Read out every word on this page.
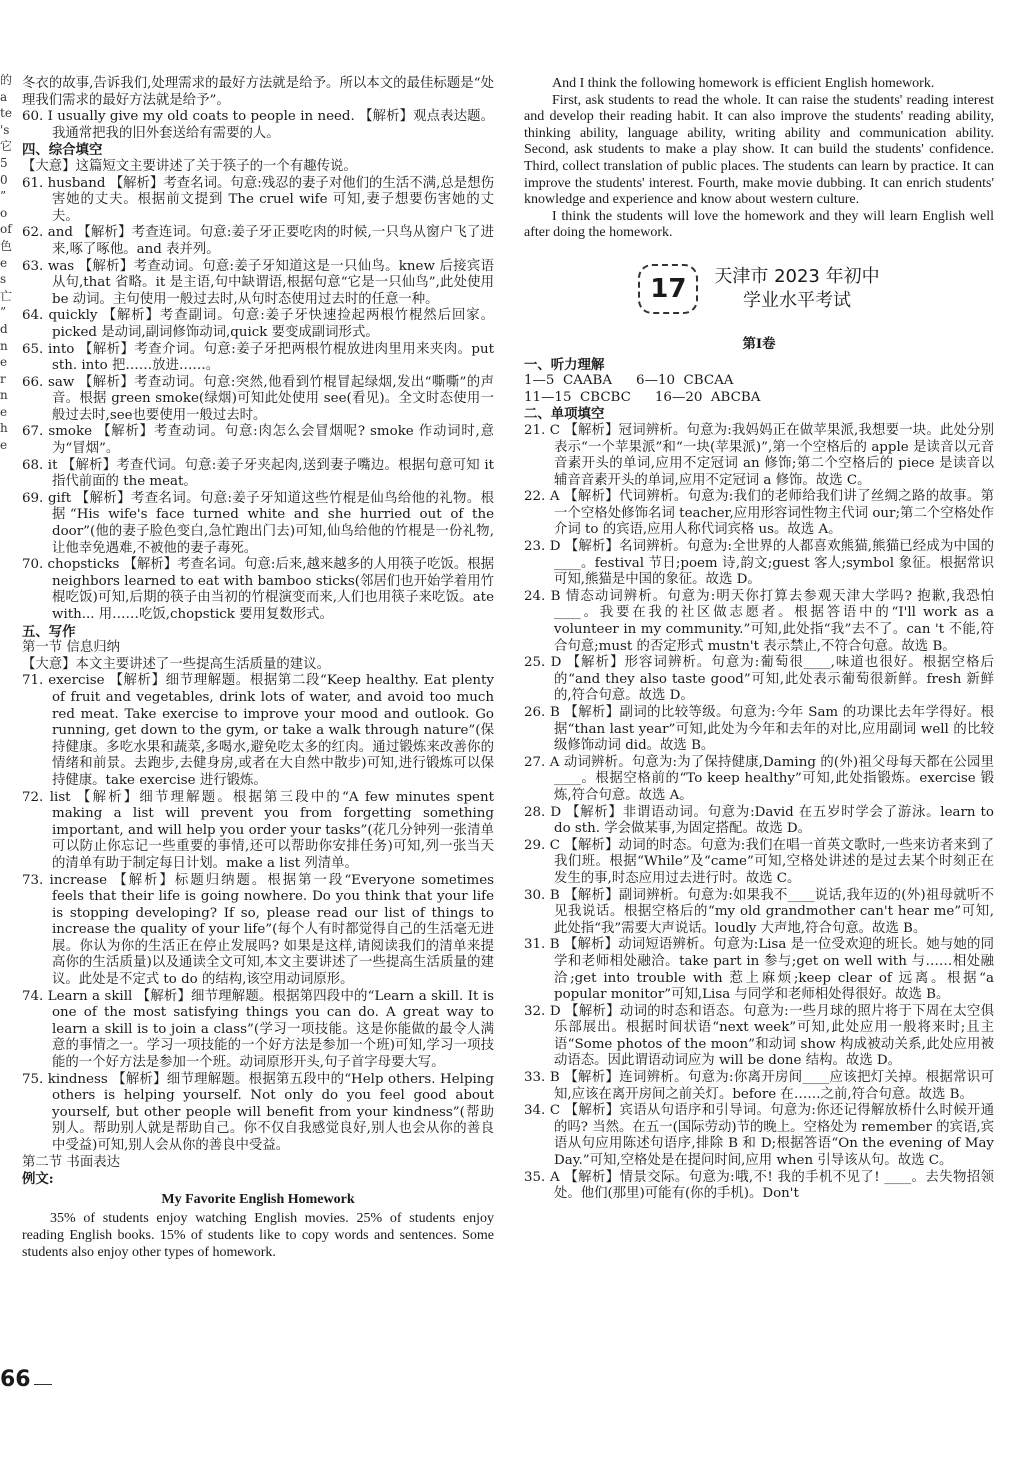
的
a
te
's
它
5
0
”
o
of
色
e
s
亡
”
d
n
e
r
n
e
h
e

冬衣的故事,告诉我们,处理需求的最好方法就是给予。所以本文的最佳标题是“处理我们需求的最好方法就是给予”。

60. I usually give my old coats to people in need. 【解析】观点表达题。我通常把我的旧外套送给有需要的人。

四、综合填空

【大意】这篇短文主要讲述了关于筷子的一个有趣传说。

61. husband 【解析】考查名词。句意:残忍的妻子对他们的生活不满,总是想伤害她的丈夫。根据前文提到 The cruel wife 可知,妻子想要伤害她的丈夫。

62. and 【解析】考查连词。句意:姜子牙正要吃肉的时候,一只鸟从窗户飞了进来,啄了啄他。and 表并列。

63. was 【解析】考查动词。句意:姜子牙知道这是一只仙鸟。knew 后接宾语从句,that 省略。it 是主语,句中缺谓语,根据句意“它是一只仙鸟”,此处使用 be 动词。主句使用一般过去时,从句时态使用过去时的任意一种。

64. quickly 【解析】考查副词。句意:姜子牙快速捡起两根竹棍然后回家。picked 是动词,副词修饰动词,quick 要变成副词形式。

65. into 【解析】考查介词。句意:姜子牙把两根竹棍放进肉里用来夹肉。put sth. into 把……放进……。

66. saw 【解析】考查动词。句意:突然,他看到竹棍冒起绿烟,发出“嘶嘶”的声音。根据 green smoke(绿烟)可知此处使用 see(看见)。全文时态使用一般过去时,see也要使用一般过去时。

67. smoke 【解析】考查动词。句意:肉怎么会冒烟呢? smoke 作动词时,意为“冒烟”。

68. it 【解析】考查代词。句意:姜子牙夹起肉,送到妻子嘴边。根据句意可知 it 指代前面的 the meat。

69. gift 【解析】考查名词。句意:姜子牙知道这些竹棍是仙鸟给他的礼物。根据“His wife's face turned white and she hurried out of the door”(他的妻子脸色变白,急忙跑出门去)可知,仙鸟给他的竹棍是一份礼物,让他幸免遇难,不被他的妻子毒死。

70. chopsticks 【解析】考查名词。句意:后来,越来越多的人用筷子吃饭。根据 neighbors learned to eat with bamboo sticks(邻居们也开始学着用竹棍吃饭)可知,后期的筷子由当初的竹棍演变而来,人们也用筷子来吃饭。ate with... 用……吃饭,chopstick 要用复数形式。

五、写作

第一节 信息归纳

【大意】本文主要讲述了一些提高生活质量的建议。

71. exercise 【解析】细节理解题。根据第二段“Keep healthy. Eat plenty of fruit and vegetables, drink lots of water, and avoid too much red meat. Take exercise to improve your mood and outlook. Go running, get down to the gym, or take a walk through nature”(保持健康。多吃水果和蔬菜,多喝水,避免吃太多的红肉。通过锻炼来改善你的情绪和前景。去跑步,去健身房,或者在大自然中散步)可知,进行锻炼可以保持健康。take exercise 进行锻炼。

72. list 【解析】细节理解题。根据第三段中的“A few minutes spent making a list will prevent you from forgetting something important, and will help you order your tasks”(花几分钟列一张清单可以防止你忘记一些重要的事情,还可以帮助你安排任务)可知,列一张当天的清单有助于制定每日计划。make a list 列清单。

73. increase 【解析】标题归纳题。根据第一段“Everyone sometimes feels that their life is going nowhere. Do you think that your life is stopping developing? If so, please read our list of things to increase the quality of your life”(每个人有时都觉得自己的生活毫无进展。你认为你的生活正在停止发展吗? 如果是这样,请阅读我们的清单来提高你的生活质量)以及通读全文可知,本文主要讲述了一些提高生活质量的建议。此处是不定式 to do 的结构,该空用动词原形。

74. Learn a skill 【解析】细节理解题。根据第四段中的“Learn a skill. It is one of the most satisfying things you can do. A great way to learn a skill is to join a class”(学习一项技能。这是你能做的最令人满意的事情之一。学习一项技能的一个好方法是参加一个班)可知,学习一项技能的一个好方法是参加一个班。动词原形开头,句子首字母要大写。

75. kindness 【解析】细节理解题。根据第五段中的“Help others. Helping others is helping yourself. Not only do you feel good about yourself, but other people will benefit from your kindness”(帮助别人。帮助别人就是帮助自己。你不仅自我感觉良好,别人也会从你的善良中受益)可知,别人会从你的善良中受益。

第二节 书面表达

例文:

My Favorite English Homework

35% of students enjoy watching English movies. 25% of students enjoy reading English books. 15% of students like to copy words and sentences. Some students also enjoy other types of homework.

And I think the following homework is efficient English homework.

First, ask students to read the whole. It can raise the students' reading interest and develop their reading habit. It can also improve the students' reading ability, thinking ability, language ability, writing ability and communication ability. Second, ask students to make a play show. It can build the students' confidence. Third, collect translation of public places. The students can learn by practice. It can improve the students' interest. Fourth, make movie dubbing. It can enrich students' knowledge and experience and know about western culture.

I think the students will love the homework and they will learn English well after doing the homework.

17	天津市 2023 年初中
学业水平考试
第Ⅰ卷

一、听力理解

1—5  CAABA 6—10  CBCAA
11—15  CBCBC 16—20  ABCBA

二、单项填空

21. C 【解析】冠词辨析。句意为:我妈妈正在做苹果派,我想要一块。此处分别表示“一个苹果派”和“一块(苹果派)”,第一个空格后的 apple 是读音以元音音素开头的单词,应用不定冠词 an 修饰;第二个空格后的 piece 是读音以辅音音素开头的单词,应用不定冠词 a 修饰。故选 C。

22. A 【解析】代词辨析。句意为:我们的老师给我们讲了丝绸之路的故事。第一个空格处修饰名词 teacher,应用形容词性物主代词 our;第二个空格处作介词 to 的宾语,应用人称代词宾格 us。故选 A。

23. D 【解析】名词辨析。句意为:全世界的人都喜欢熊猫,熊猫已经成为中国的____。festival 节日;poem 诗,韵文;guest 客人;symbol 象征。根据常识可知,熊猫是中国的象征。故选 D。

24. B 情态动词辨析。句意为:明天你打算去参观天津大学吗? 抱歉,我恐怕____。我要在我的社区做志愿者。根据答语中的“I'll work as a volunteer in my community.”可知,此处指“我”去不了。can 't 不能,符合句意;must 的否定形式 mustn't 表示禁止,不符合句意。故选 B。

25. D 【解析】形容词辨析。句意为:葡萄很____,味道也很好。根据空格后的“and they also taste good”可知,此处表示葡萄很新鲜。fresh 新鲜的,符合句意。故选 D。

26. B 【解析】副词的比较等级。句意为:今年 Sam 的功课比去年学得好。根据“than last year”可知,此处为今年和去年的对比,应用副词 well 的比较级修饰动词 did。故选 B。

27. A 动词辨析。句意为:为了保持健康,Daming 的(外)祖父母每天都在公园里____。根据空格前的“To keep healthy”可知,此处指锻炼。exercise 锻炼,符合句意。故选 A。

28. D 【解析】非谓语动词。句意为:David 在五岁时学会了游泳。learn to do sth. 学会做某事,为固定搭配。故选 D。

29. C 【解析】动词的时态。句意为:我们在唱一首英文歌时,一些来访者来到了我们班。根据“While”及“came”可知,空格处讲述的是过去某个时刻正在发生的事,时态应用过去进行时。故选 C。

30. B 【解析】副词辨析。句意为:如果我不____说话,我年迈的(外)祖母就听不见我说话。根据空格后的“my old grandmother can't hear me”可知,此处指“我”需要大声说话。loudly 大声地,符合句意。故选 B。

31. B 【解析】动词短语辨析。句意为:Lisa 是一位受欢迎的班长。她与她的同学和老师相处融洽。take part in 参与;get on well with 与……相处融洽;get into trouble with 惹上麻烦;keep clear of 远离。根据“a popular monitor”可知,Lisa 与同学和老师相处得很好。故选 B。

32. D 【解析】动词的时态和语态。句意为:一些月球的照片将于下周在太空俱乐部展出。根据时间状语“next week”可知,此处应用一般将来时;且主语“Some photos of the moon”和动词 show 构成被动关系,此处应用被动语态。因此谓语动词应为 will be done 结构。故选 D。

33. B 【解析】连词辨析。句意为:你离开房间____应该把灯关掉。根据常识可知,应该在离开房间之前关灯。before 在……之前,符合句意。故选 B。

34. C 【解析】宾语从句语序和引导词。句意为:你还记得解放桥什么时候开通的吗? 当然。在五一(国际劳动)节的晚上。空格处为 remember 的宾语,宾语从句应用陈述句语序,排除 B 和 D;根据答语“On the evening of May Day.”可知,空格处是在提问时间,应用 when 引导该从句。故选 C。

35. A 【解析】情景交际。句意为:哦,不! 我的手机不见了! ____。去失物招领处。他们(那里)可能有(你的手机)。Don't

66
